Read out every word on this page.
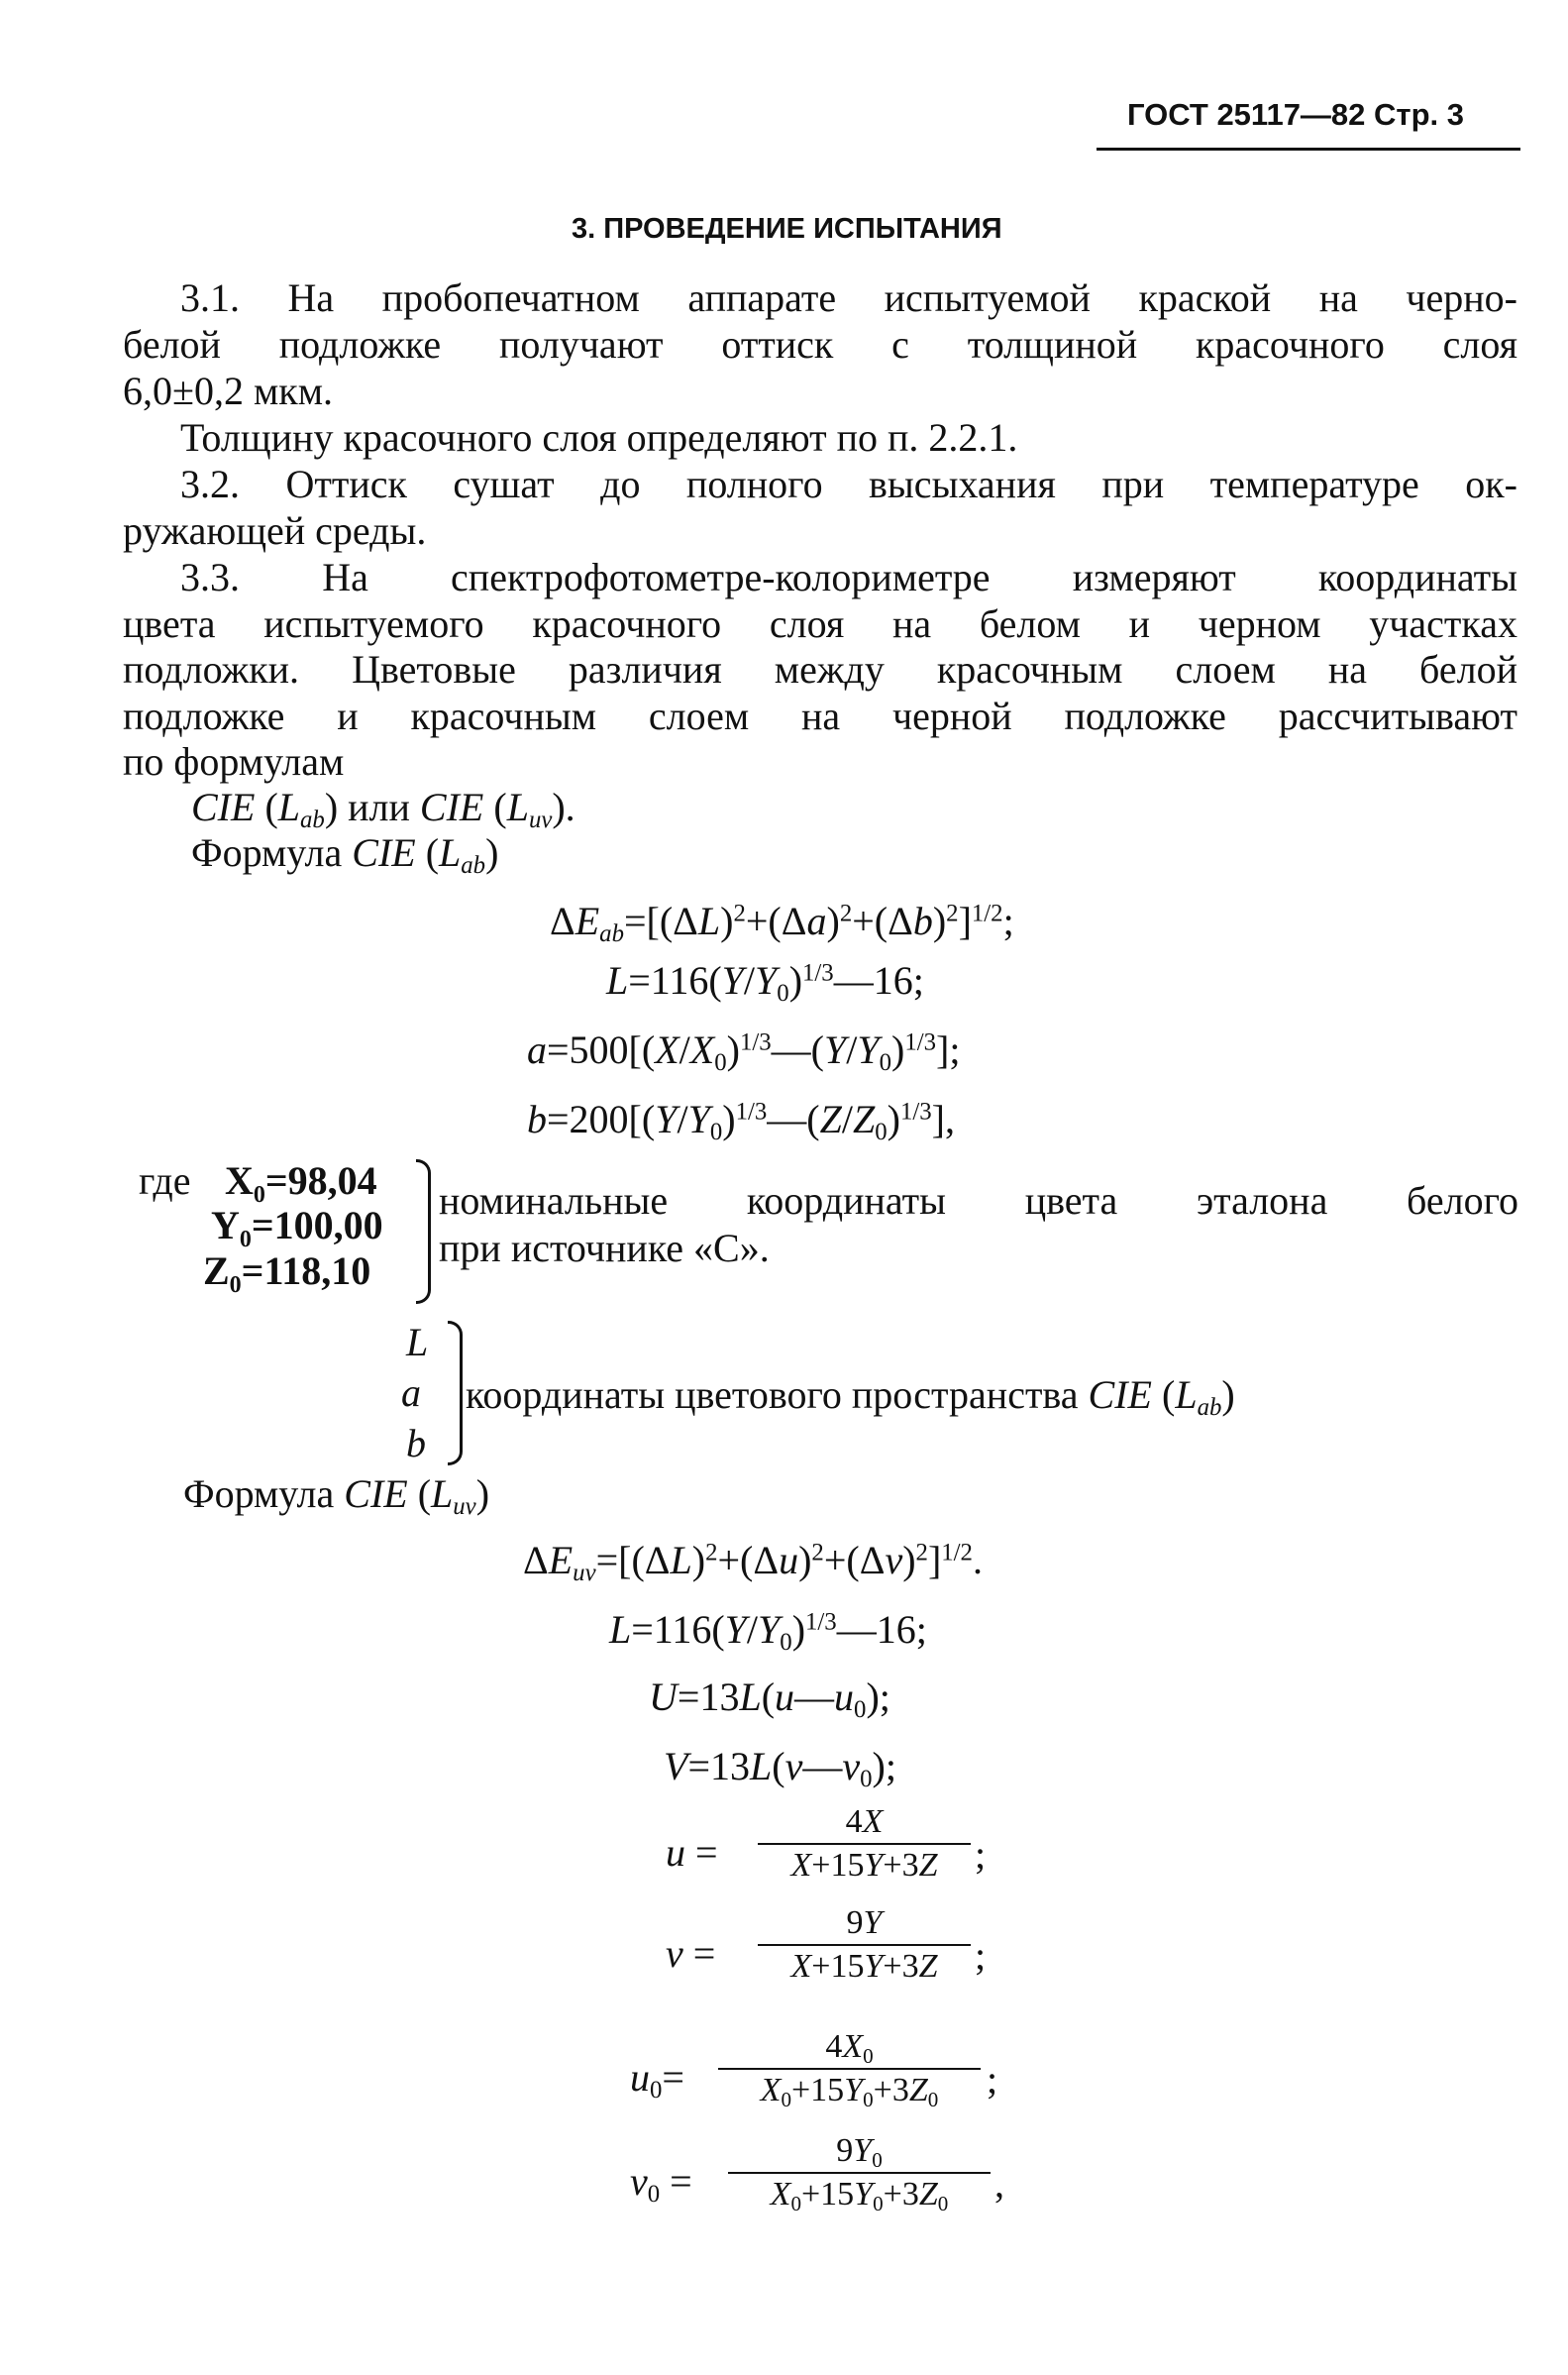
ГОСТ 25117—82 Стр. 3
3. ПРОВЕДЕНИЕ ИСПЫТАНИЯ
3.1. На пробопечатном аппарате испытуемой краской на черно-
белой подложке получают оттиск с толщиной красочного слоя
6,0±0,2 мкм.
Толщину красочного слоя определяют по п. 2.2.1.
3.2. Оттиск сушат до полного высыхания при температуре ок-
ружающей среды.
3.3. На спектрофотометре-колориметре измеряют координаты
цвета испытуемого красочного слоя на белом и черном участках
подложки. Цветовые различия между красочным слоем на белой
подложке и красочным слоем на черной подложке рассчитывают
по формулам
CIE $(L_{ab})$ или CIE $(L_{uv})$.
Формула CIE $(L_{ab})$
$\Delta E_{ab}=[(\Delta L)^2+(\Delta a)^2+(\Delta b)^2]^{1/2}$;
$L=116(Y/Y_0)^{1/3}—16$;
$a=500[(X/X_0)^{1/3}—(Y/Y_0)^{1/3}]$;
$b=200[(Y/Y_0)^{1/3}—(Z/Z_0)^{1/3}]$,
где X₀=98,04
Y₀=100,00
Z₀=118,10
номинальные координаты цвета эталона белого
при источнике «С».
L
a
b
координаты цветового пространства CIE $(L_{ab})$
Формула CIE $(L_{uv})$
$\Delta E_{uv}=[(\Delta L)^2+(\Delta u)^2+(\Delta v)^2]^{1/2}$.
$L=116(Y/Y_0)^{1/3}—16$;
$U=13L(u—u_0)$;
$V=13L(v—v_0)$;
u =
4X
X+15Y+3Z ;
v =
9Y
X+15Y+3Z ;
$u_0=$
$4X_0$
$X_0+15Y_0+3Z_0$	;
$v_0$ =
$9Y_0$
$X_0+15Y_0+3Z_0$	,
